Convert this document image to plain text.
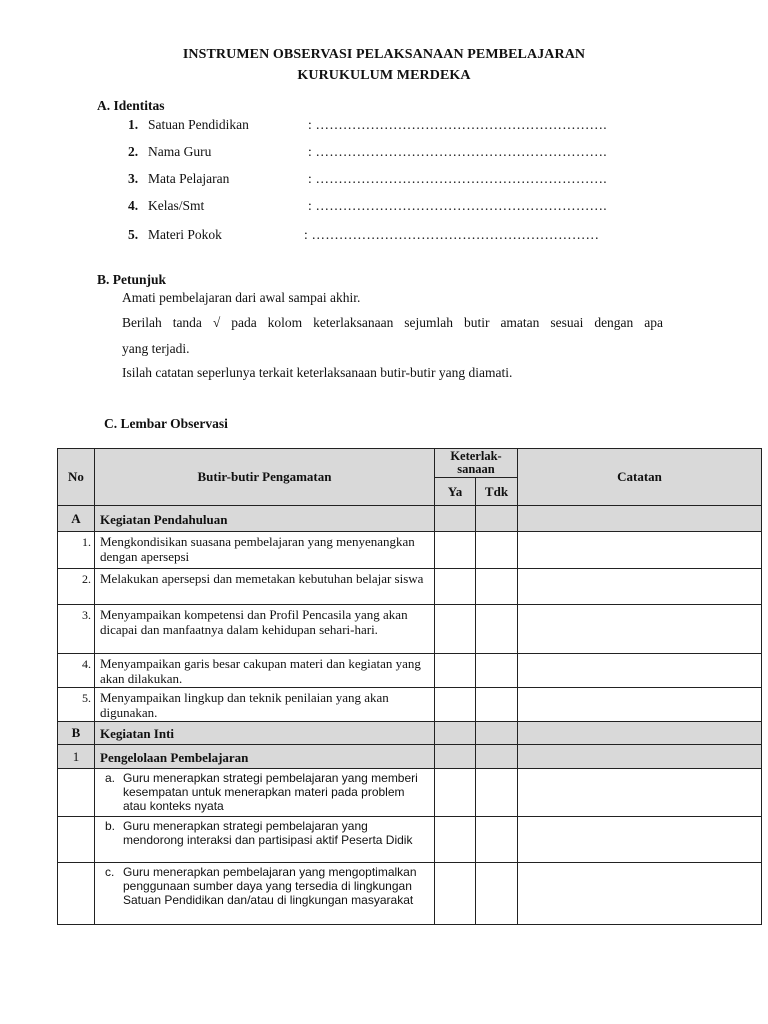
INSTRUMEN OBSERVASI PELAKSANAAN PEMBELAJARAN
KURUKULUM MERDEKA
A. Identitas
1. Satuan Pendidikan	: ……………………………………………………….
2. Nama Guru	: ……………………………………………………….
3. Mata Pelajaran	: ……………………………………………………….
4. Kelas/Smt	: ……………………………………………………….
5. Materi Pokok	: ………………………………………………………
B. Petunjuk
Amati pembelajaran dari awal sampai akhir.
Berilah tanda √ pada kolom keterlaksanaan sejumlah butir amatan sesuai dengan apa
yang terjadi.
Isilah catatan seperlunya terkait keterlaksanaan butir-butir yang diamati.
C. Lembar Observasi
No	Butir-butir Pengamatan	Keterlak-sanaan		Catatan
		Ya	Tdk	
A	Kegiatan Pendahuluan			
1.	Mengkondisikan suasana pembelajaran yang menyenangkan dengan apersepsi			
2.	Melakukan apersepsi dan memetakan kebutuhan belajar siswa			
3.	Menyampaikan kompetensi dan Profil Pencasila yang akan dicapai dan manfaatnya dalam kehidupan sehari-hari.			
4.	Menyampaikan garis besar cakupan materi dan kegiatan yang akan dilakukan.			
5.	Menyampaikan lingkup dan teknik penilaian yang akan digunakan.			
B	Kegiatan Inti			
1	Pengelolaan Pembelajaran			

	a. Guru menerapkan strategi pembelajaran yang memberi kesempatan untuk menerapkan materi pada problem atau konteks nyata			

	b. Guru menerapkan strategi pembelajaran yang mendorong interaksi dan partisipasi aktif Peserta Didik			

	c. Guru menerapkan pembelajaran yang mengoptimalkan penggunaan sumber daya yang tersedia di lingkungan Satuan Pendidikan dan/atau di lingkungan masyarakat			
